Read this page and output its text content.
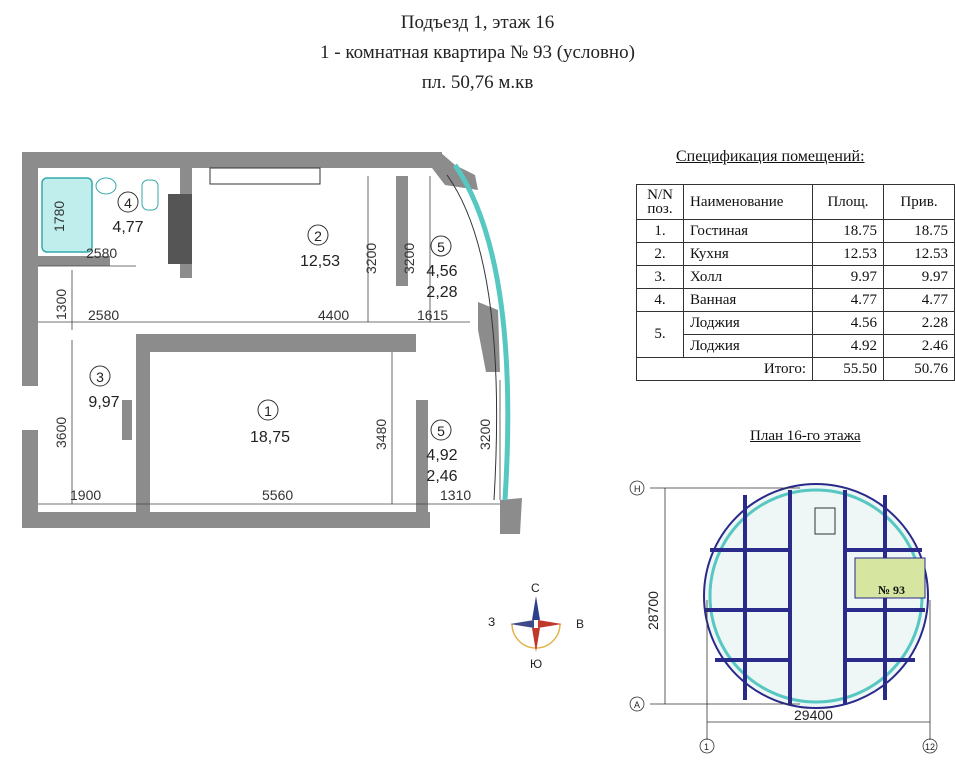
Подъезд 1, этаж 16
1 - комнатная квартира № 93 (условно)
пл. 50,76 м.кв
4
4,77	2
12,53
5
4,56
2,28
3
9,97	1
18,75	5
4,92
2,46
1780
2580	3200 3200
1300 2580	4400	1615
3600	3480	3200
1900	5560	1310
С
Ю
З	В
№ 93
Н
А
1	12
28700
29400
Спецификация помещений:
N/N поз.	Наименование	Площ.	Прив.
1.	Гостиная	18.75	18.75
2.	Кухня	12.53	12.53
3.	Холл	9.97	9.97
4.	Ванная	4.77	4.77
5.	Лоджия	4.56	2.28
	Лоджия	4.92	2.46
Итого:		55.50	50.76
План 16-го этажа
